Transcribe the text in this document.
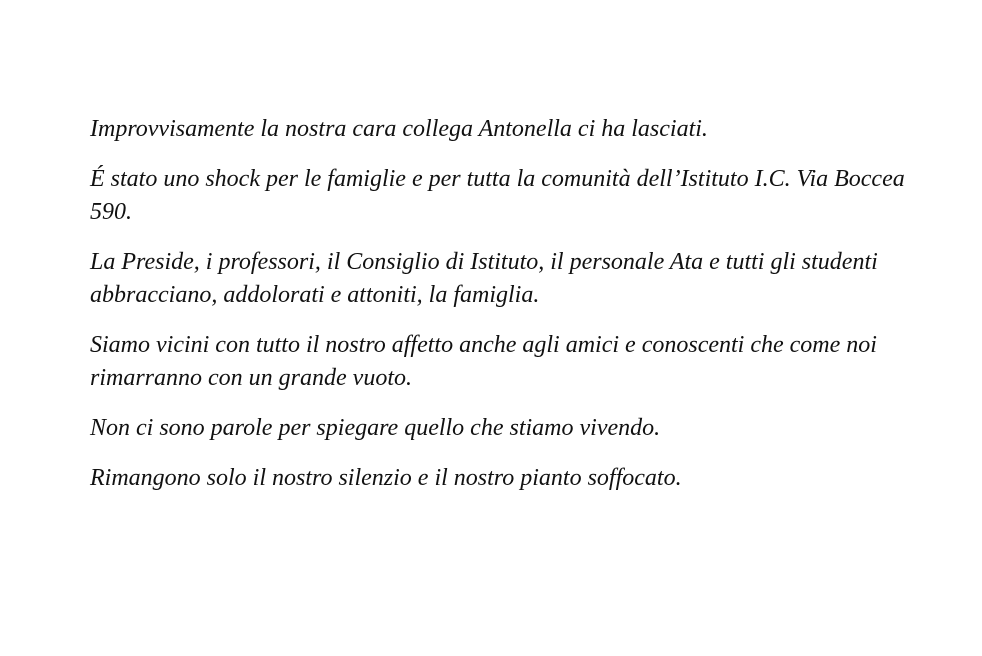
Improvvisamente la nostra cara collega Antonella ci ha lasciati.

É stato uno shock per le famiglie e per tutta la comunità dell’Istituto I.C. Via Boccea 590.

La Preside, i professori, il Consiglio di Istituto, il personale Ata e tutti gli studenti abbracciano, addolorati e attoniti, la famiglia.

Siamo vicini con tutto il nostro affetto anche agli amici e conoscenti che come noi rimarranno con un grande vuoto.

Non ci sono parole per spiegare quello che stiamo vivendo.

Rimangono solo il nostro silenzio e il nostro pianto soffocato.
